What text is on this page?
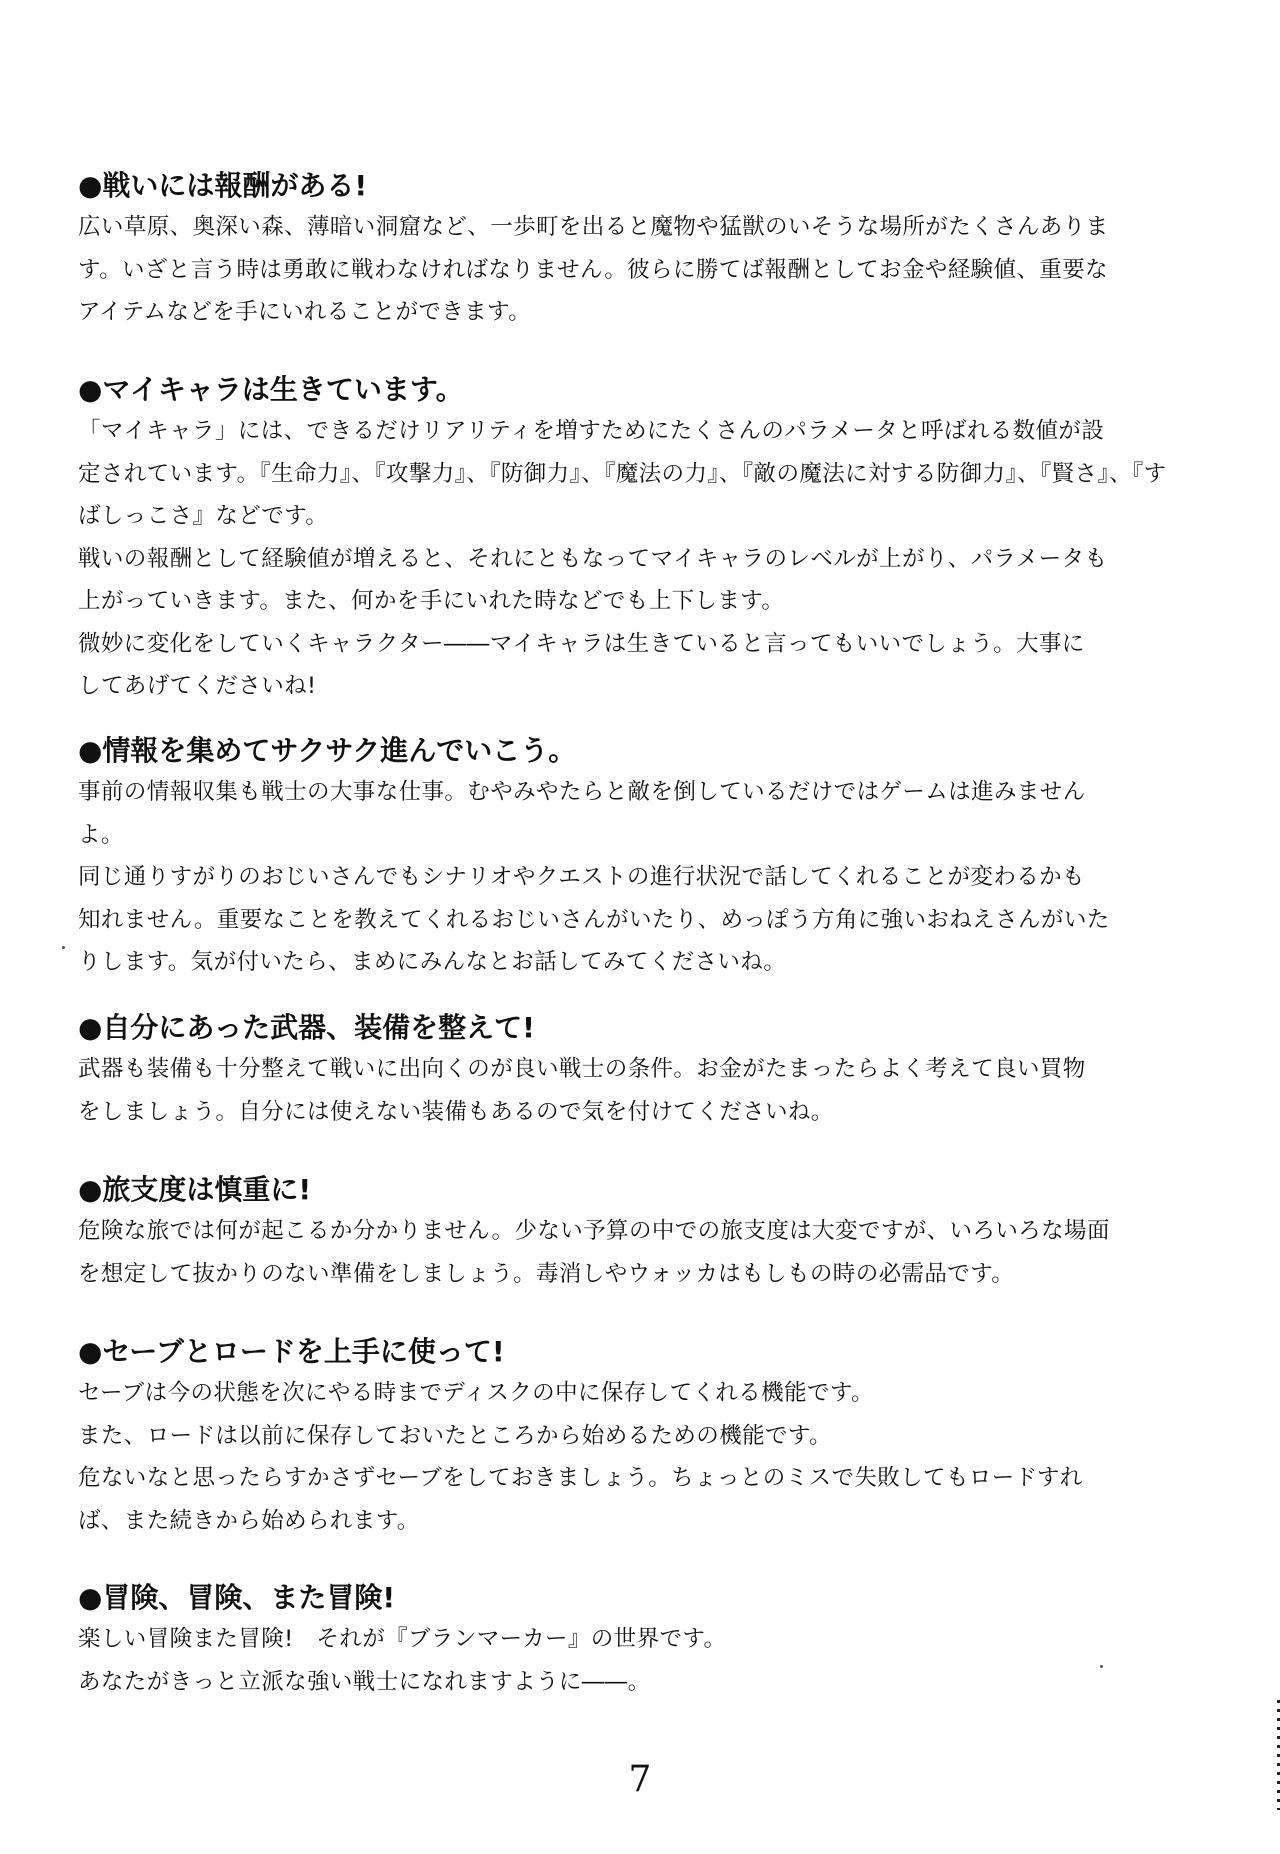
●戦いには報酬がある!
広い草原、奥深い森、薄暗い洞窟など、一歩町を出ると魔物や猛獣のいそうな場所がたくさんありま
す。いざと言う時は勇敢に戦わなければなりません。彼らに勝てば報酬としてお金や経験値、重要な
アイテムなどを手にいれることができます。
●マイキャラは生きています。
「マイキャラ」には、できるだけリアリティを増すためにたくさんのパラメータと呼ばれる数値が設
定されています。『生命力』、『攻撃力』、『防御力』、『魔法の力』、『敵の魔法に対する防御力』、『賢さ』、『す
ばしっこさ』などです。
戦いの報酬として経験値が増えると、それにともなってマイキャラのレベルが上がり、パラメータも
上がっていきます。また、何かを手にいれた時などでも上下します。
微妙に変化をしていくキャラクター――マイキャラは生きていると言ってもいいでしょう。大事に
してあげてくださいね!
●情報を集めてサクサク進んでいこう。
事前の情報収集も戦士の大事な仕事。むやみやたらと敵を倒しているだけではゲームは進みません
よ。
同じ通りすがりのおじいさんでもシナリオやクエストの進行状況で話してくれることが変わるかも
知れません。重要なことを教えてくれるおじいさんがいたり、めっぽう方角に強いおねえさんがいた
りします。気が付いたら、まめにみんなとお話してみてくださいね。
●自分にあった武器、装備を整えて!
武器も装備も十分整えて戦いに出向くのが良い戦士の条件。お金がたまったらよく考えて良い買物
をしましょう。自分には使えない装備もあるので気を付けてくださいね。
●旅支度は慎重に!
危険な旅では何が起こるか分かりません。少ない予算の中での旅支度は大変ですが、いろいろな場面
を想定して抜かりのない準備をしましょう。毒消しやウォッカはもしもの時の必需品です。
●セーブとロードを上手に使って!
セーブは今の状態を次にやる時までディスクの中に保存してくれる機能です。
また、ロードは以前に保存しておいたところから始めるための機能です。
危ないなと思ったらすかさずセーブをしておきましょう。ちょっとのミスで失敗してもロードすれ
ば、また続きから始められます。
●冒険、冒険、また冒険!
楽しい冒険また冒険!　それが『ブランマーカー』の世界です。
あなたがきっと立派な強い戦士になれますように――。
7
